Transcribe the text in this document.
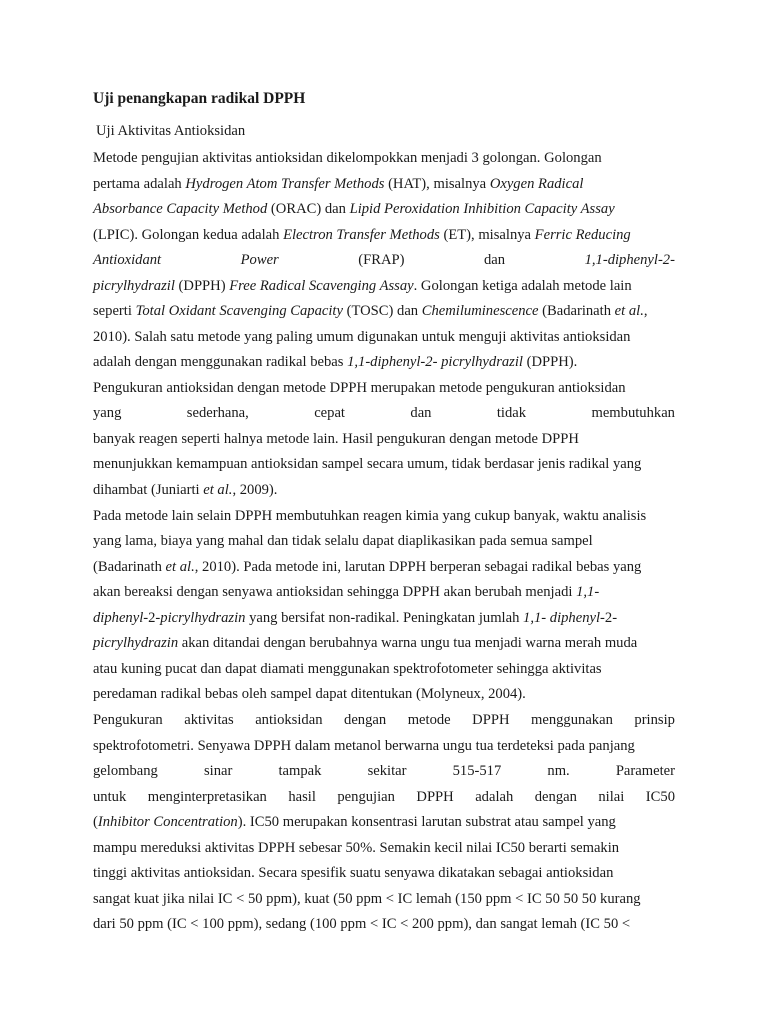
Uji penangkapan radikal DPPH

Uji Aktivitas Antioksidan

Metode pengujian aktivitas antioksidan dikelompokkan menjadi 3 golongan. Golongan
pertama adalah Hydrogen Atom Transfer Methods (HAT), misalnya Oxygen Radical
Absorbance Capacity Method (ORAC) dan Lipid Peroxidation Inhibition Capacity Assay
(LPIC). Golongan kedua adalah Electron Transfer Methods (ET), misalnya Ferric Reducing
Antioxidant	Power	(FRAP)	dan	1,1-diphenyl-2-
picrylhydrazil (DPPH) Free Radical Scavenging Assay. Golongan ketiga adalah metode lain
seperti Total Oxidant Scavenging Capacity (TOSC) dan Chemiluminescence (Badarinath et al.,
2010). Salah satu metode yang paling umum digunakan untuk menguji aktivitas antioksidan
adalah dengan menggunakan radikal bebas 1,1-diphenyl-2- picrylhydrazil (DPPH).
Pengukuran antioksidan dengan metode DPPH merupakan metode pengukuran antioksidan
yang	sederhana,	cepat	dan	tidak	membutuhkan
banyak reagen seperti halnya metode lain. Hasil pengukuran dengan metode DPPH
menunjukkan kemampuan antioksidan sampel secara umum, tidak berdasar jenis radikal yang
dihambat (Juniarti et al., 2009).
Pada metode lain selain DPPH membutuhkan reagen kimia yang cukup banyak, waktu analisis
yang lama, biaya yang mahal dan tidak selalu dapat diaplikasikan pada semua sampel
(Badarinath et al., 2010). Pada metode ini, larutan DPPH berperan sebagai radikal bebas yang
akan bereaksi dengan senyawa antioksidan sehingga DPPH akan berubah menjadi 1,1-
diphenyl-2-picrylhydrazin yang bersifat non-radikal. Peningkatan jumlah 1,1- diphenyl-2-
picrylhydrazin akan ditandai dengan berubahnya warna ungu tua menjadi warna merah muda
atau kuning pucat dan dapat diamati menggunakan spektrofotometer sehingga aktivitas
peredaman radikal bebas oleh sampel dapat ditentukan (Molyneux, 2004).
Pengukuran aktivitas antioksidan dengan metode DPPH menggunakan prinsip
spektrofotometri. Senyawa DPPH dalam metanol berwarna ungu tua terdeteksi pada panjang
gelombang	sinar	tampak	sekitar	515-517	nm.	Parameter
untuk menginterpretasikan hasil pengujian DPPH adalah dengan nilai IC50
(Inhibitor Concentration). IC50 merupakan konsentrasi larutan substrat atau sampel yang
mampu mereduksi aktivitas DPPH sebesar 50%. Semakin kecil nilai IC50 berarti semakin
tinggi aktivitas antioksidan. Secara spesifik suatu senyawa dikatakan sebagai antioksidan
sangat kuat jika nilai IC < 50 ppm), kuat (50 ppm < IC lemah (150 ppm < IC 50 50 50 kurang
dari 50 ppm (IC < 100 ppm), sedang (100 ppm < IC < 200 ppm), dan sangat lemah (IC 50 <
